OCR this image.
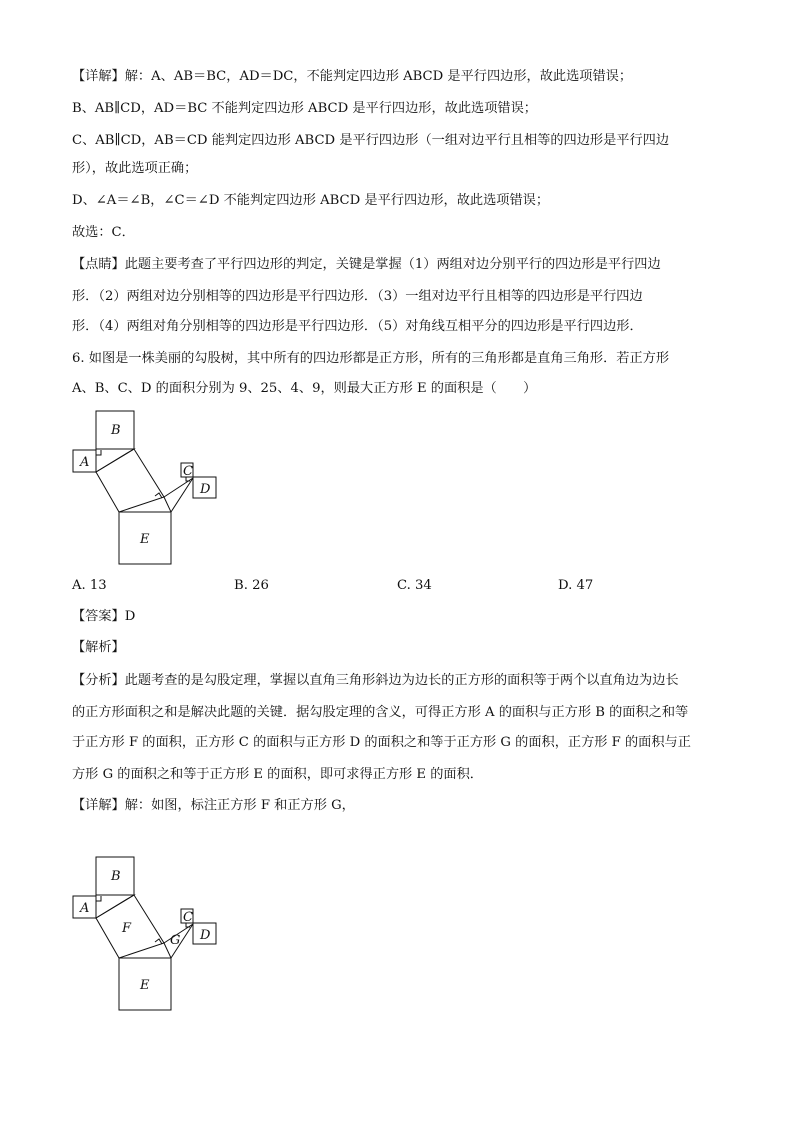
【详解】解：A、AB＝BC，AD＝DC，不能判定四边形 ABCD 是平行四边形，故此选项错误；
B、AB∥CD，AD＝BC 不能判定四边形 ABCD 是平行四边形，故此选项错误；
C、AB∥CD，AB＝CD 能判定四边形 ABCD 是平行四边形（一组对边平行且相等的四边形是平行四边
形），故此选项正确；
D、∠A＝∠B，∠C＝∠D 不能判定四边形 ABCD 是平行四边形，故此选项错误；
故选：C．
【点睛】此题主要考查了平行四边形的判定，关键是掌握（1）两组对边分别平行的四边形是平行四边
形．（2）两组对边分别相等的四边形是平行四边形．（3）一组对边平行且相等的四边形是平行四边
形．（4）两组对角分别相等的四边形是平行四边形．（5）对角线互相平分的四边形是平行四边形．
6. 如图是一株美丽的勾股树，其中所有的四边形都是正方形，所有的三角形都是直角三角形．若正方形
A、B、C、D 的面积分别为 9、25、4、9，则最大正方形 E 的面积是（　　）
B
A
C
D
E
A. 13	B. 26	C. 34	D. 47
【答案】D
【解析】
【分析】此题考查的是勾股定理，掌握以直角三角形斜边为边长的正方形的面积等于两个以直角边为边长
的正方形面积之和是解决此题的关键．据勾股定理的含义，可得正方形 A 的面积与正方形 B 的面积之和等
于正方形 F 的面积，正方形 C 的面积与正方形 D 的面积之和等于正方形 G 的面积，正方形 F 的面积与正
方形 G 的面积之和等于正方形 E 的面积，即可求得正方形 E 的面积．
【详解】解：如图，标注正方形 F 和正方形 G，
B
A
F
G
C
D
E
